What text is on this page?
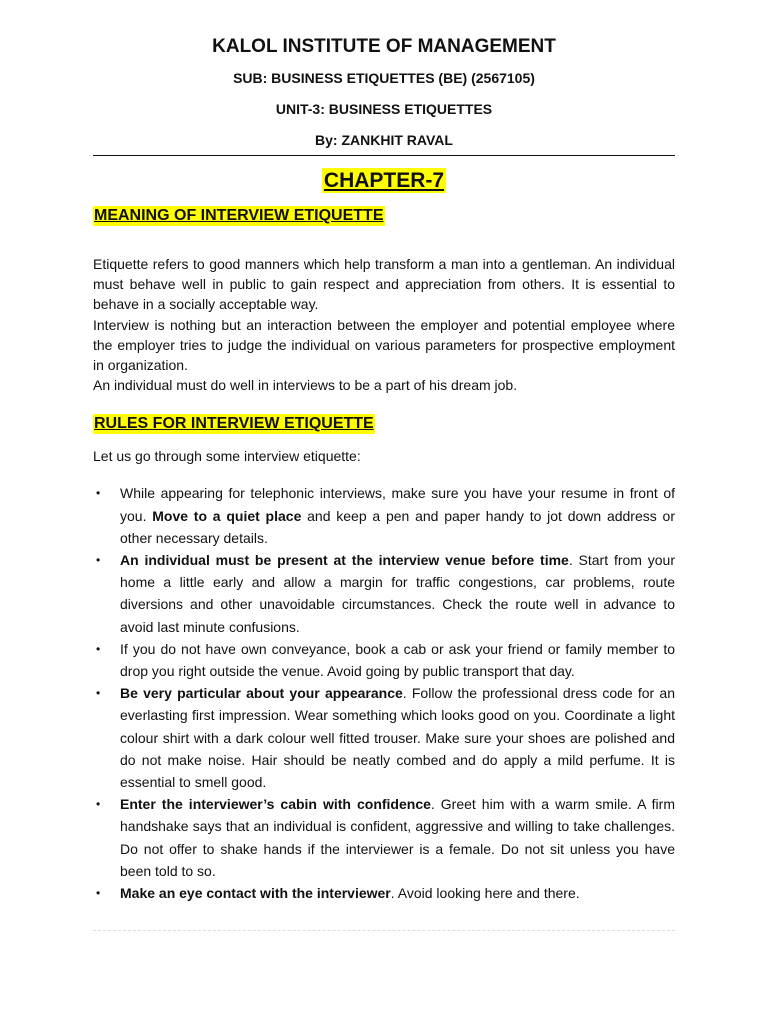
KALOL INSTITUTE OF MANAGEMENT

SUB: BUSINESS ETIQUETTES (BE) (2567105)

UNIT-3: BUSINESS ETIQUETTES

By: ZANKHIT RAVAL

CHAPTER-7
MEANING OF INTERVIEW ETIQUETTE

Etiquette refers to good manners which help transform a man into a gentleman. An individual must behave well in public to gain respect and appreciation from others. It is essential to behave in a socially acceptable way.

Interview is nothing but an interaction between the employer and potential employee where the employer tries to judge the individual on various parameters for prospective employment in organization.

An individual must do well in interviews to be a part of his dream job.

RULES FOR INTERVIEW ETIQUETTE

Let us go through some interview etiquette:

• While appearing for telephonic interviews, make sure you have your resume in front of you. Move to a quiet place and keep a pen and paper handy to jot down address or other necessary details.
• An individual must be present at the interview venue before time. Start from your home a little early and allow a margin for traffic congestions, car problems, route diversions and other unavoidable circumstances. Check the route well in advance to avoid last minute confusions.
• If you do not have own conveyance, book a cab or ask your friend or family member to drop you right outside the venue. Avoid going by public transport that day.
• Be very particular about your appearance. Follow the professional dress code for an everlasting first impression. Wear something which looks good on you. Coordinate a light colour shirt with a dark colour well fitted trouser. Make sure your shoes are polished and do not make noise. Hair should be neatly combed and do apply a mild perfume. It is essential to smell good.
• Enter the interviewer’s cabin with confidence. Greet him with a warm smile. A firm handshake says that an individual is confident, aggressive and willing to take challenges. Do not offer to shake hands if the interviewer is a female. Do not sit unless you have been told to so.
• Make an eye contact with the interviewer. Avoid looking here and there.
